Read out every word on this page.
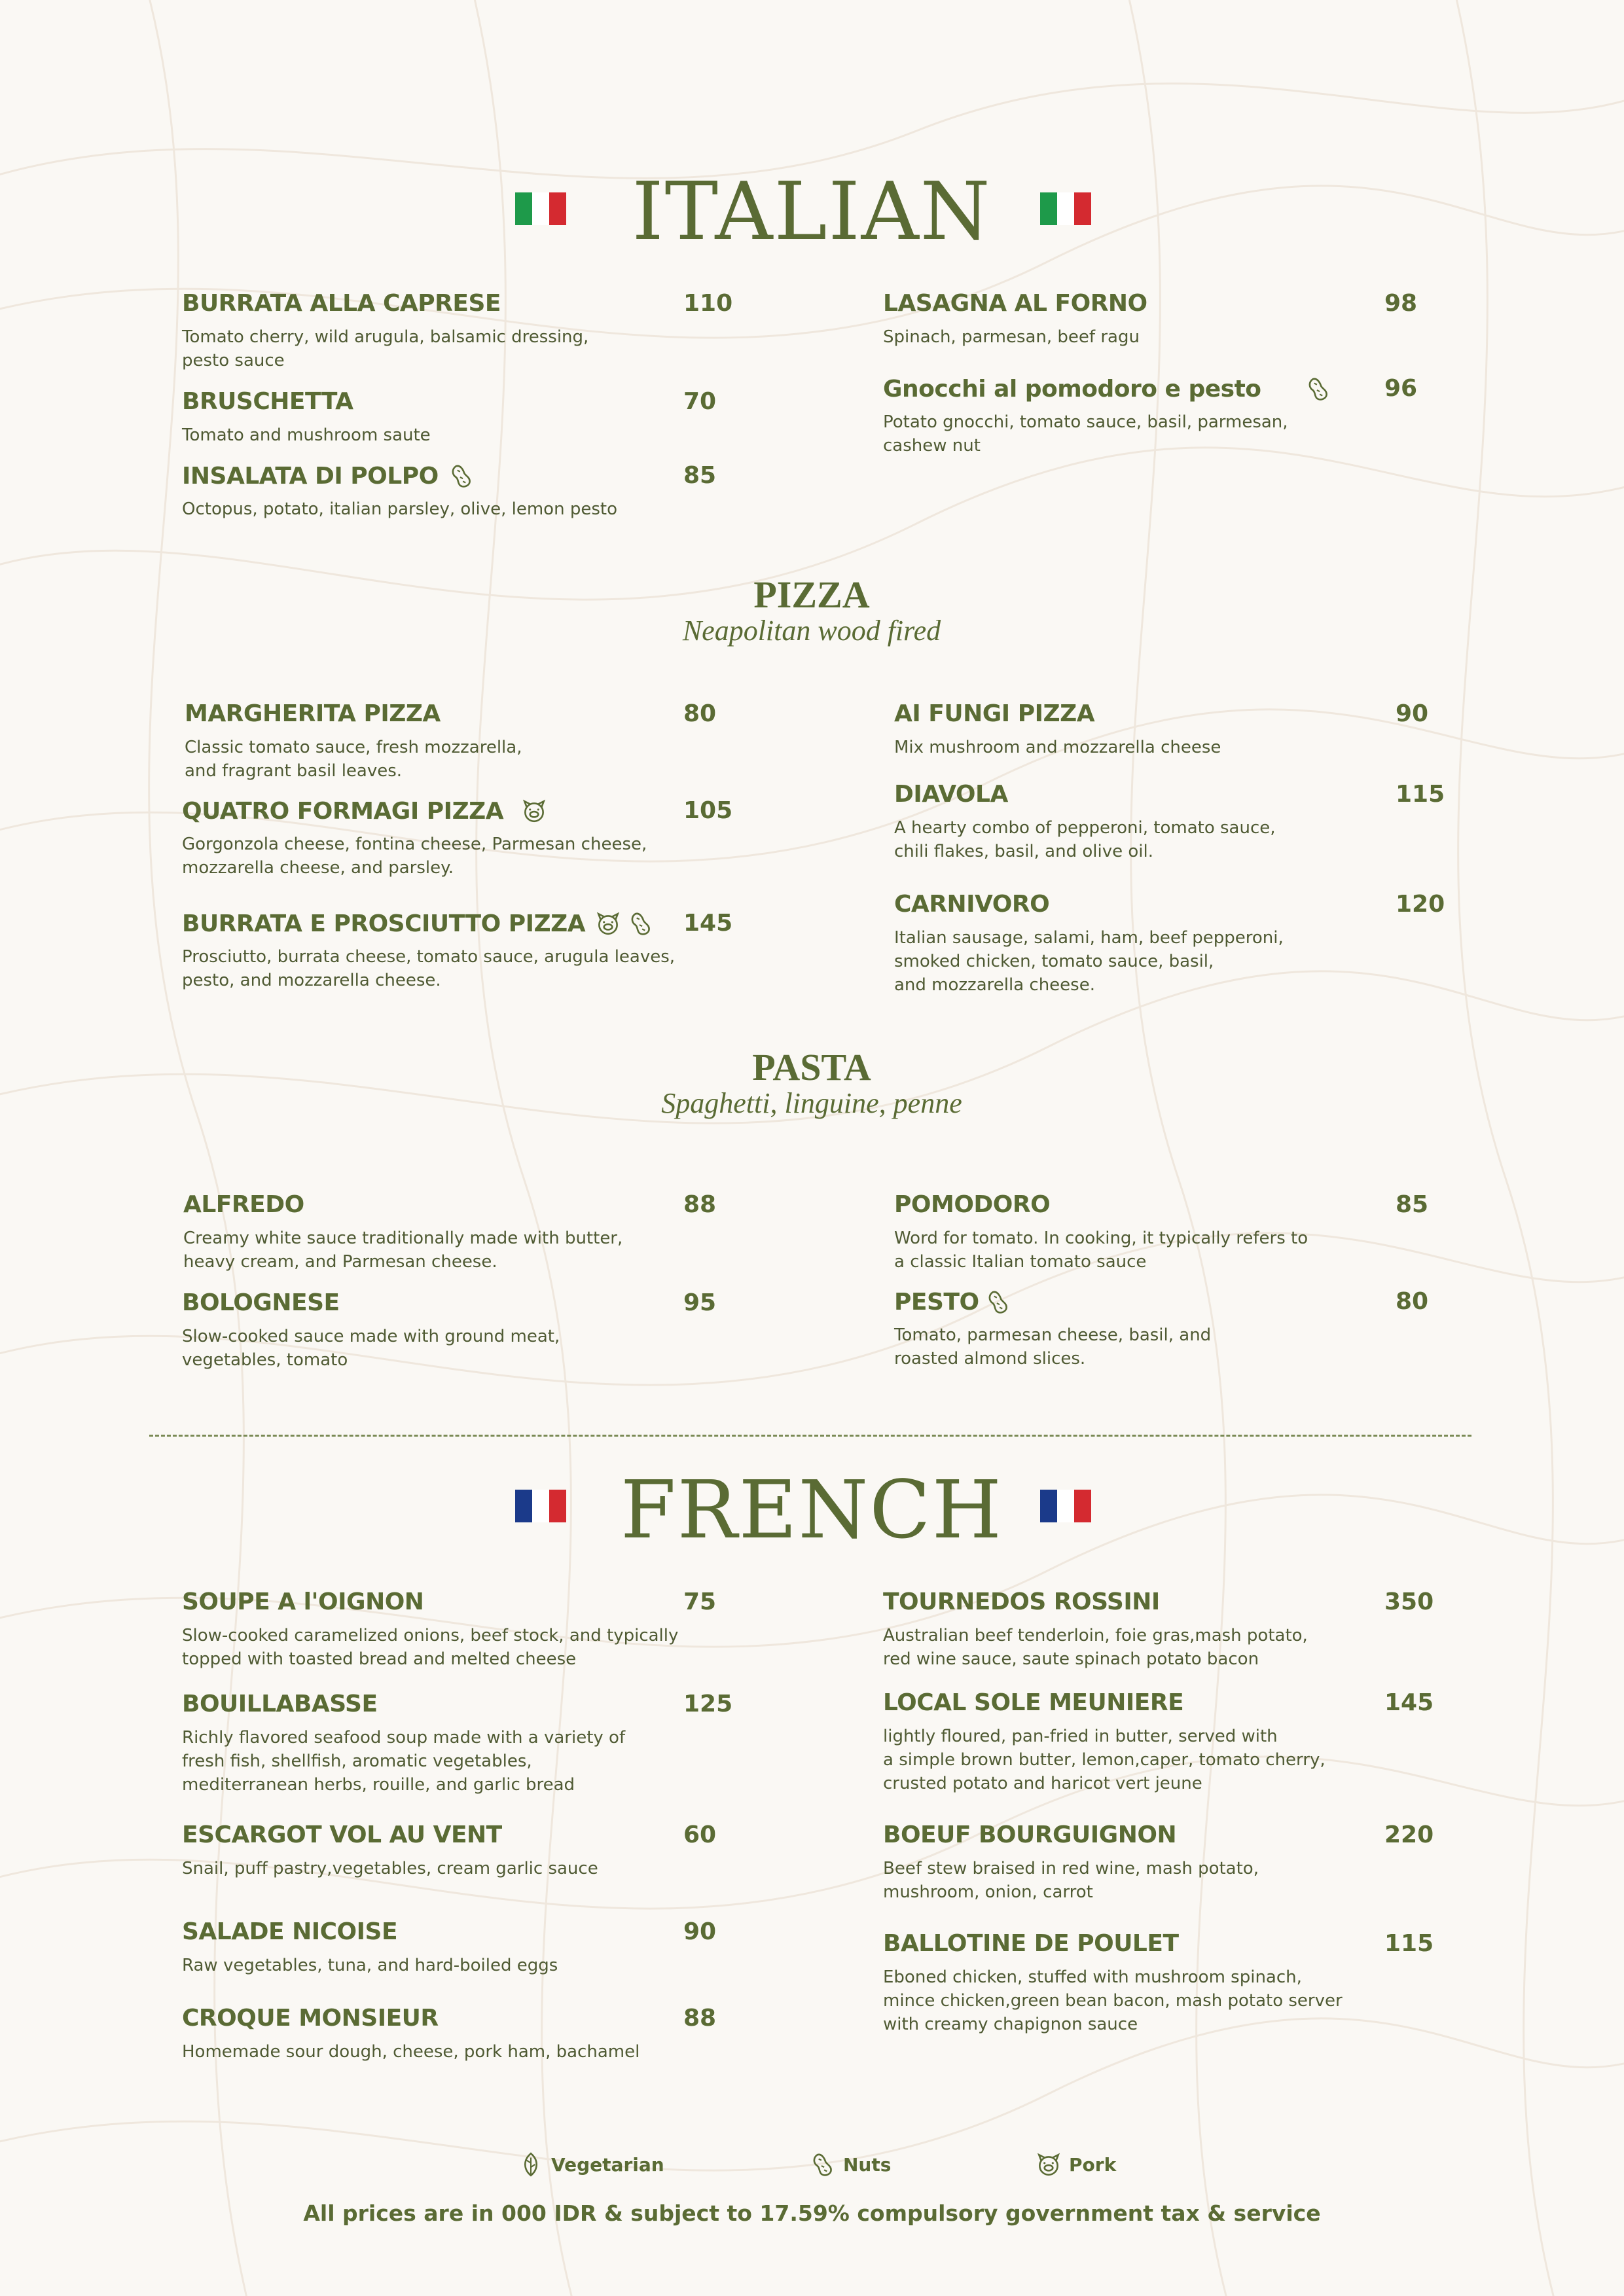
ITALIAN
BURRATA ALLA CAPRESE	110
Tomato cherry, wild arugula, balsamic dressing,
pesto sauce
BRUSCHETTA	70
Tomato and mushroom saute
INSALATA DI POLPO	85
Octopus, potato, italian parsley, olive, lemon pesto
LASAGNA AL FORNO	98
Spinach, parmesan, beef ragu
Gnocchi al pomodoro e pesto	96
Potato gnocchi, tomato sauce, basil, parmesan,
cashew nut
PIZZA
Neapolitan wood fired
MARGHERITA PIZZA	80
Classic tomato sauce, fresh mozzarella,
and fragrant basil leaves.
QUATRO FORMAGI PIZZA	105
Gorgonzola cheese, fontina cheese, Parmesan cheese,
mozzarella cheese, and parsley.
BURRATA E PROSCIUTTO PIZZA	145
Prosciutto, burrata cheese, tomato sauce, arugula leaves,
pesto, and mozzarella cheese.
AI FUNGI PIZZA	90
Mix mushroom and mozzarella cheese
DIAVOLA	115
A hearty combo of pepperoni, tomato sauce,
chili flakes, basil, and olive oil.
CARNIVORO	120
Italian sausage, salami, ham, beef pepperoni,
smoked chicken, tomato sauce, basil,
and mozzarella cheese.
PASTA
Spaghetti, linguine, penne
ALFREDO	88
Creamy white sauce traditionally made with butter,
heavy cream, and Parmesan cheese.
BOLOGNESE	95
Slow-cooked sauce made with ground meat,
vegetables, tomato
POMODORO	85
Word for tomato. In cooking, it typically refers to
a classic Italian tomato sauce
PESTO	80
Tomato, parmesan cheese, basil, and
roasted almond slices.
FRENCH
SOUPE A l'OIGNON	75
Slow-cooked caramelized onions, beef stock, and typically
topped with toasted bread and melted cheese
BOUILLABASSE	125
Richly flavored seafood soup made with a variety of
fresh fish, shellfish, aromatic vegetables,
mediterranean herbs, rouille, and garlic bread
ESCARGOT VOL AU VENT	60
Snail, puff pastry,vegetables, cream garlic sauce
SALADE NICOISE	90
Raw vegetables, tuna, and hard-boiled eggs
CROQUE MONSIEUR	88
Homemade sour dough, cheese, pork ham, bachamel
TOURNEDOS ROSSINI	350
Australian beef tenderloin, foie gras,mash potato,
red wine sauce, saute spinach potato bacon
LOCAL SOLE MEUNIERE	145
lightly floured, pan-fried in butter, served with
a simple brown butter, lemon,caper, tomato cherry,
crusted potato and haricot vert jeune
BOEUF BOURGUIGNON	220
Beef stew braised in red wine, mash potato,
mushroom, onion, carrot
BALLOTINE DE POULET	115
Eboned chicken, stuffed with mushroom spinach,
mince chicken,green bean bacon, mash potato server
with creamy chapignon sauce
Vegetarian	Nuts	Pork
All prices are in 000 IDR & subject to 17.59% compulsory government tax & service
